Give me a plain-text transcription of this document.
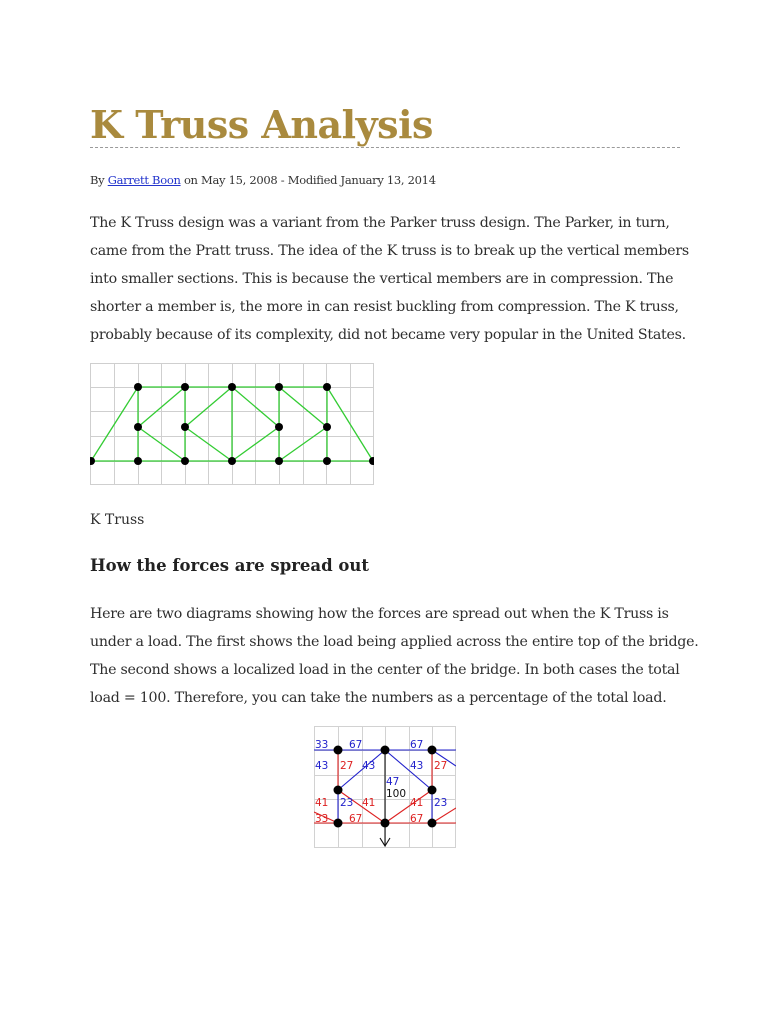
K Truss Analysis
By Garrett Boon on May 15, 2008 - Modified January 13, 2014

The K Truss design was a variant from the Parker truss design. The Parker, in turn, came from the Pratt truss. The idea of the K truss is to break up the vertical members into smaller sections. This is because the vertical members are in compression. The shorter a member is, the more in can resist buckling from compression. The K truss, probably because of its complexity, did not became very popular in the United States.

K Truss
How the forces are spread out

Here are two diagrams showing how the forces are spread out when the K Truss is under a load. The first shows the load being applied across the entire top of the bridge. The second shows a localized load in the center of the bridge. In both cases the total load = 100. Therefore, you can take the numbers as a percentage of the total load.

33 67	67
43 27 43
47
43 27
100
41 23 41	41 23
33 67	67
